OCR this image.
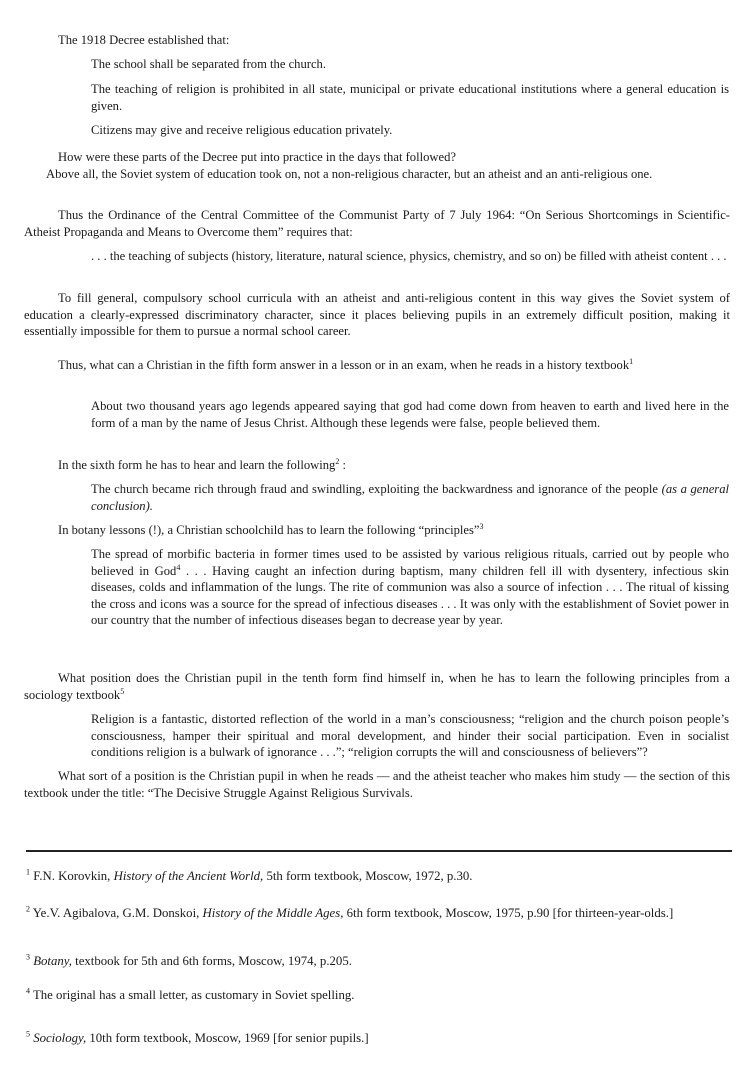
The 1918 Decree established that:

The school shall be separated from the church.

The teaching of religion is prohibited in all state, municipal or private educational institutions where a general education is given.

Citizens may give and receive religious education privately.

How were these parts of the Decree put into practice in the days that followed?

Above all, the Soviet system of education took on, not a non-religious character, but an atheist and an anti-religious one.

Thus the Ordinance of the Central Committee of the Communist Party of 7 July 1964: “On Serious Shortcomings in Scientific-Atheist Propaganda and Means to Overcome them” requires that:

. . . the teaching of subjects (history, literature, natural science, physics, chemistry, and so on) be filled with atheist content . . .

To fill general, compulsory school curricula with an atheist and anti-religious content in this way gives the Soviet system of education a clearly-expressed discriminatory character, since it places believing pupils in an extremely difficult position, making it essentially impossible for them to pursue a normal school career.

Thus, what can a Christian in the fifth form answer in a lesson or in an exam, when he reads in a history textbook$^1$

About two thousand years ago legends appeared saying that god had come down from heaven to earth and lived here in the form of a man by the name of Jesus Christ. Although these legends were false, people believed them.

In the sixth form he has to hear and learn the following$^2$ :

The church became rich through fraud and swindling, exploiting the backwardness and ignorance of the people (as a general conclusion).

In botany lessons (!), a Christian schoolchild has to learn the following “principles”$^3$

The spread of morbific bacteria in former times used to be assisted by various religious rituals, carried out by people who believed in God$^4$ . . . Having caught an infection during baptism, many children fell ill with dysentery, infectious skin diseases, colds and inflammation of the lungs. The rite of communion was also a source of infection . . . The ritual of kissing the cross and icons was a source for the spread of infectious diseases . . . It was only with the establishment of Soviet power in our country that the number of infectious diseases began to decrease year by year.

What position does the Christian pupil in the tenth form find himself in, when he has to learn the following principles from a sociology textbook$^5$

Religion is a fantastic, distorted reflection of the world in a man’s consciousness; “religion and the church poison people’s consciousness, hamper their spiritual and moral development, and hinder their social participation. Even in socialist conditions religion is a bulwark of ignorance . . .”; “religion corrupts the will and consciousness of believers”?

What sort of a position is the Christian pupil in when he reads — and the atheist teacher who makes him study — the section of this textbook under the title: “The Decisive Struggle Against Religious Survivals.

$^1$ F.N. Korovkin, History of the Ancient World, 5th form textbook, Moscow, 1972, p.30.

$^2$ Ye.V. Agibalova, G.M. Donskoi, History of the Middle Ages, 6th form textbook, Moscow, 1975, p.90 [for thirteen-year-olds.]

$^3$ Botany, textbook for 5th and 6th forms, Moscow, 1974, p.205.

$^4$ The original has a small letter, as customary in Soviet spelling.

$^5$ Sociology, 10th form textbook, Moscow, 1969 [for senior pupils.]
